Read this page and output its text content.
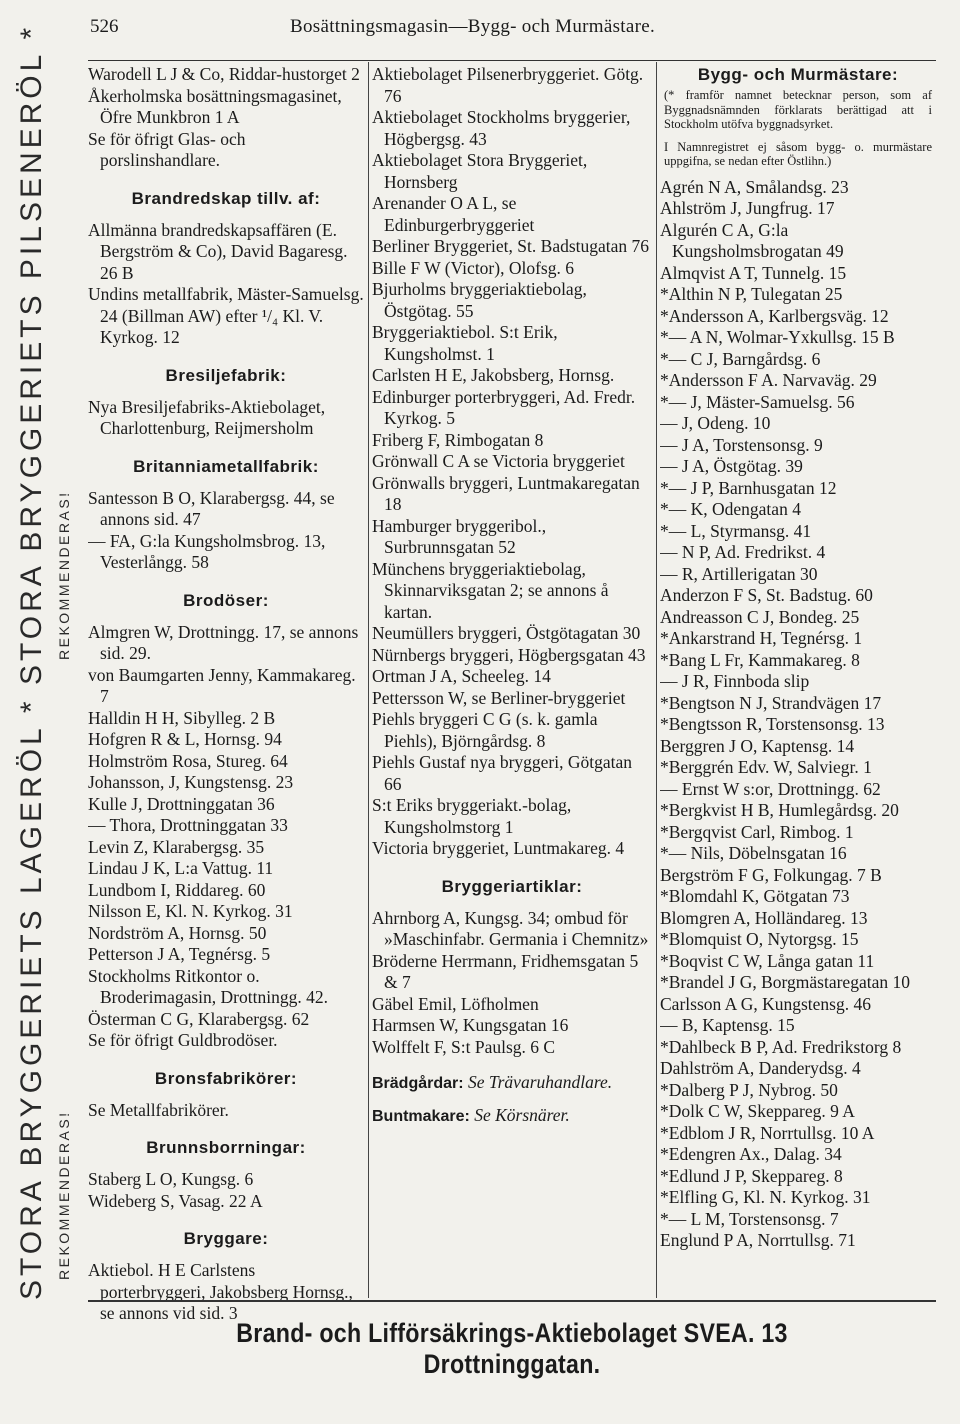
526	Bosättningsmagasin—Bygg- och Murmästare.
STORA BRYGGERIETS LAGERÖL * STORA BRYGGERIETS PILSENERÖL * REKOMMENDERAS!
REKOMMENDERAS!

Warodell L J & Co, Riddar-hustorget 2

Åkerholmska bosättningsmagasinet, Öfre Munkbron 1 A

Se för öfrigt Glas- och porslinshandlare.

Brandredskap tillv. af:

Allmänna brandredskapsaffären (E. Bergström & Co), David Bagaresg. 26 B

Undins metallfabrik, Mäster-Samuelsg. 24 (Billman AW) efter ¹/₄ Kl. V. Kyrkog. 12

Bresiljefabrik:

Nya Bresiljefabriks-Aktiebolaget, Charlottenburg, Reijmersholm

Britanniametallfabrik:

Santesson B O, Klarabergsg. 44, se annons sid. 47

— FA, G:la Kungsholmsbrog. 13, Vesterlångg. 58

Brodöser:

Almgren W, Drottningg. 17, se annons sid. 29.

von Baumgarten Jenny, Kammakareg. 7

Halldin H H, Sibylleg. 2 B

Hofgren R & L, Hornsg. 94

Holmström Rosa, Stureg. 64

Johansson, J, Kungstensg. 23

Kulle J, Drottninggatan 36

— Thora, Drottninggatan 33

Levin Z, Klarabergsg. 35

Lindau J K, L:a Vattug. 11

Lundbom I, Riddareg. 60

Nilsson E, Kl. N. Kyrkog. 31

Nordström A, Hornsg. 50

Petterson J A, Tegnérsg. 5

Stockholms Ritkontor o. Broderimagasin, Drottningg. 42.

Österman C G, Klarabergsg. 62

Se för öfrigt Guldbrodöser.

Bronsfabrikörer:

Se Metallfabrikörer.

Brunnsborrningar:

Staberg L O, Kungsg. 6

Wideberg S, Vasag. 22 A

Bryggare:

Aktiebol. H E Carlstens porterbryggeri, Jakobsberg Hornsg., se annons vid sid. 3

Aktiebolaget Pilsenerbryggeriet. Götg. 76

Aktiebolaget Stockholms bryggerier, Högbergsg. 43

Aktiebolaget Stora Bryggeriet, Hornsberg

Arenander O A L, se Edinburgerbryggeriet

Berliner Bryggeriet, St. Badstugatan 76

Bille F W (Victor), Olofsg. 6

Bjurholms bryggeriaktiebolag, Östgötag. 55

Bryggeriaktiebol. S:t Erik, Kungsholmst. 1

Carlsten H E, Jakobsberg, Hornsg.

Edinburger porterbryggeri, Ad. Fredr. Kyrkog. 5

Friberg F, Rimbogatan 8

Grönwall C A se Victoria bryggeriet

Grönwalls bryggeri, Luntmakaregatan 18

Hamburger bryggeribol., Surbrunnsgatan 52

Münchens bryggeriaktiebolag, Skinnarviksgatan 2; se annons å kartan.

Neumüllers bryggeri, Östgötagatan 30

Nürnbergs bryggeri, Högbergsgatan 43

Ortman J A, Scheeleg. 14

Pettersson W, se Berliner-bryggeriet

Piehls bryggeri C G (s. k. gamla Piehls), Björngårdsg. 8

Piehls Gustaf nya bryggeri, Götgatan 66

S:t Eriks bryggeriakt.-bolag, Kungsholmstorg 1

Victoria bryggeriet, Luntmakareg. 4

Bryggeriartiklar:

Ahrnborg A, Kungsg. 34; ombud för »Maschinfabr. Germania i Chemnitz»

Bröderne Herrmann, Fridhemsgatan 5 & 7

Gäbel Emil, Löfholmen

Harmsen W, Kungsgatan 16

Wolffelt F, S:t Paulsg. 6 C

Brädgårdar: Se Trävaruhandlare.

Buntmakare: Se Körsnärer.

Bygg- och Murmästare:

(* framför namnet betecknar person, som af Byggnadsnämnden förklarats berättigad att i Stockholm utöfva byggnadsyrket.

I Namnregistret ej såsom bygg- o. murmästare uppgifna, se nedan efter Östlihn.)

Agrén N A, Smålandsg. 23

Ahlström J, Jungfrug. 17

Algurén C A, G:la Kungsholmsbrogatan 49

Almqvist A T, Tunnelg. 15

*Althin N P, Tulegatan 25

*Andersson A, Karlbergsväg. 12

*— A N, Wolmar-Yxkullsg. 15 B

*— C J, Barngårdsg. 6

*Andersson F A. Narvaväg. 29

*— J, Mäster-Samuelsg. 56

— J, Odeng. 10

— J A, Torstensonsg. 9

— J A, Östgötag. 39

*— J P, Barnhusgatan 12

*— K, Odengatan 4

*— L, Styrmansg. 41

— N P, Ad. Fredrikst. 4

— R, Artillerigatan 30

Anderzon F S, St. Badstug. 60

Andreasson C J, Bondeg. 25

*Ankarstrand H, Tegnérsg. 1

*Bang L Fr, Kammakareg. 8

— J R, Finnboda slip

*Bengtson N J, Strandvägen 17

*Bengtsson R, Torstensonsg. 13

Berggren J O, Kaptensg. 14

*Berggrén Edv. W, Salviegr. 1

— Ernst W s:or, Drottningg. 62

*Bergkvist H B, Humlegårdsg. 20

*Bergqvist Carl, Rimbog. 1

*— Nils, Döbelnsgatan 16

Bergström F G, Folkungag. 7 B

*Blomdahl K, Götgatan 73

Blomgren A, Holländareg. 13

*Blomquist O, Nytorgsg. 15

*Boqvist C W, Långa gatan 11

*Brandel J G, Borgmästaregatan 10

Carlsson A G, Kungstensg. 46

— B, Kaptensg. 15

*Dahlbeck B P, Ad. Fredrikstorg 8

Dahlström A, Danderydsg. 4

*Dalberg P J, Nybrog. 50

*Dolk C W, Skeppareg. 9 A

*Edblom J R, Norrtullsg. 10 A

*Edengren Ax., Dalag. 34

*Edlund J P, Skeppareg. 8

*Elfling G, Kl. N. Kyrkog. 31

*— L M, Torstensonsg. 7

Englund P A, Norrtullsg. 71

Brand- och Lifförsäkrings-Aktiebolaget SVEA. 13 Drottninggatan.
